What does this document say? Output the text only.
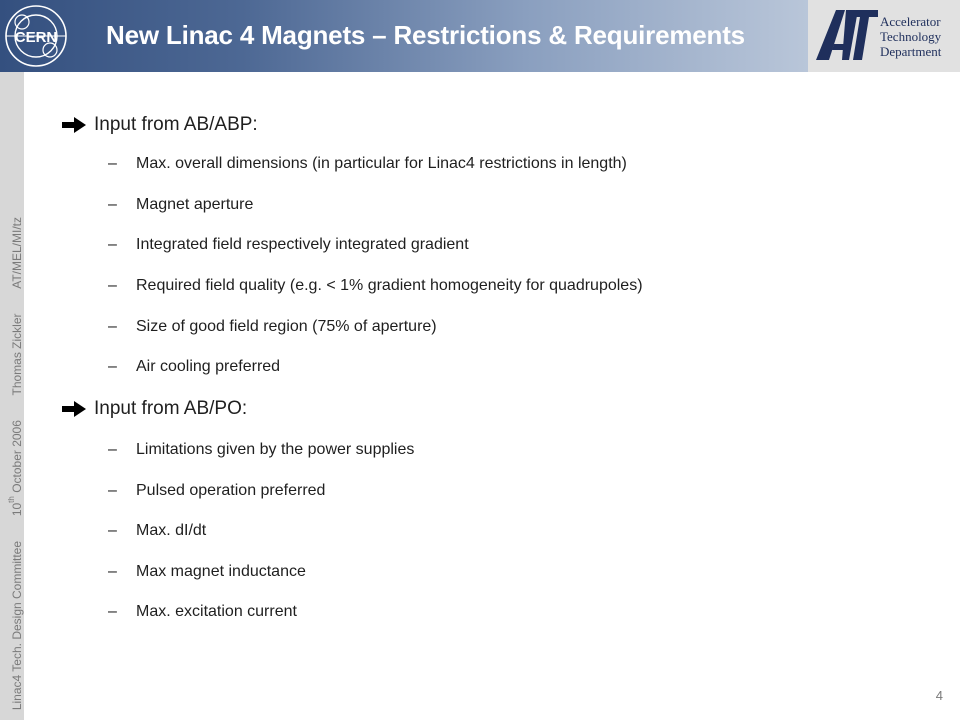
CERN New Linac 4 Magnets – Restrictions & Requirements	Accelerator
Technology
Department
Linac4 Tech. Design Committee  10th October 2006  Thomas Zickler  AT/MEL/MI/tz
Input from AB/ABP:
– Max. overall dimensions (in particular for Linac4 restrictions in length)
– Magnet aperture
– Integrated field respectively integrated gradient
– Required field quality (e.g. < 1% gradient homogeneity for quadrupoles)
– Size of good field region (75% of aperture)
– Air cooling preferred
Input from AB/PO:
– Limitations given by the power supplies
– Pulsed operation preferred
– Max. dI/dt
– Max magnet inductance
– Max. excitation current
4
